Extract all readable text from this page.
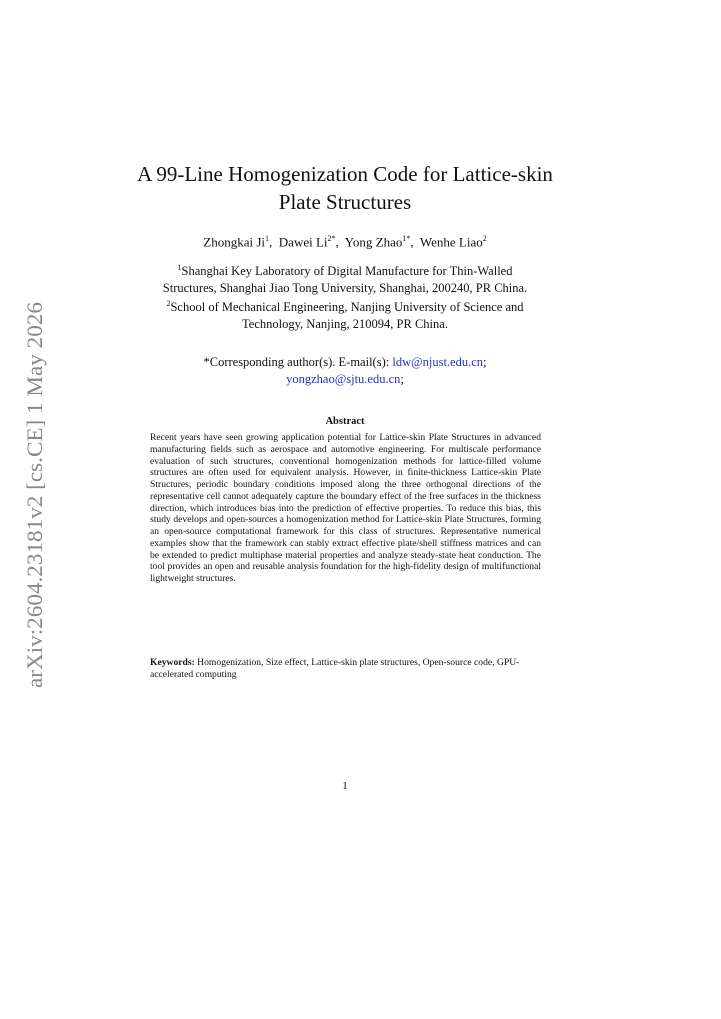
arXiv:2604.23181v2 [cs.CE] 1 May 2026
A 99-Line Homogenization Code for Lattice-skin
Plate Structures
Zhongkai Ji$^1$,  Dawei $Li^{2*}$,  Yong Zhao$^{1*}$,  Wenhe Liao$^2$
$^1$Shanghai Key Laboratory of Digital Manufacture for Thin-Walled
Structures, Shanghai Jiao Tong University, Shanghai, 200240, PR China.
$^2$School of Mechanical Engineering, Nanjing University of Science and
Technology, Nanjing, 210094, PR China.
*Corresponding author(s). E-mail(s): ldw@njust.edu.cn;
yongzhao@sjtu.edu.cn;
Abstract
Recent years have seen growing application potential for Lattice-skin Plate Structures in advanced manufacturing fields such as aerospace and automotive engineering. For multiscale performance evaluation of such structures, conventional homogenization methods for lattice-filled volume structures are often used for equivalent analysis. However, in finite-thickness Lattice-skin Plate Structures, periodic boundary conditions imposed along the three orthogonal directions of the representative cell cannot adequately capture the boundary effect of the free surfaces in the thickness direction, which introduces bias into the prediction of effective properties. To reduce this bias, this study develops and open-sources a homogenization method for Lattice-skin Plate Structures, forming an open-source computational framework for this class of structures. Representative numerical examples show that the framework can stably extract effective plate/shell stiffness matrices and can be extended to predict multiphase material properties and analyze steady-state heat conduction. The tool provides an open and reusable analysis foundation for the high-fidelity design of multifunctional lightweight structures.
Keywords: Homogenization, Size effect, Lattice-skin plate structures, Open-source code, GPU-accelerated computing
1
